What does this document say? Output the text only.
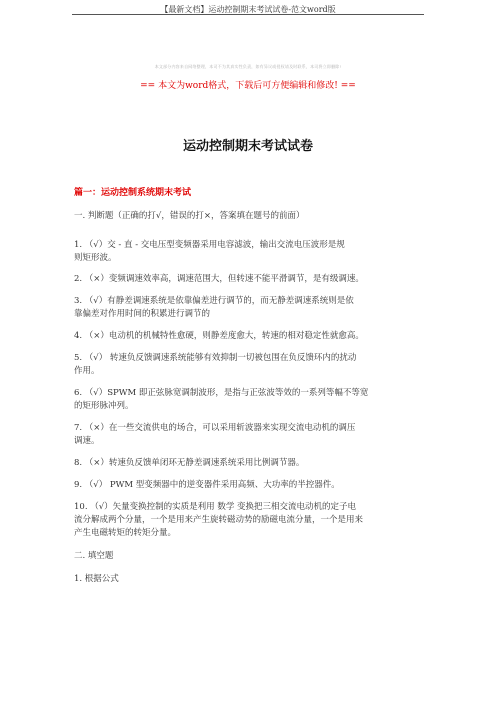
【最新文档】运动控制期末考试试卷-范文word版
本文部分内容来自网络整理，本司不为其真实性负责，如有异议或侵权请及时联系，本司将立即删除!
== 本文为word格式，下载后可方便编辑和修改! ==
运动控制期末考试试卷
篇一：运动控制系统期末考试
一. 判断题（正确的打√，错误的打×，答案填在题号的前面）
1. （√）交 - 直 - 交电压型变频器采用电容滤波，输出交流电压波形是规
则矩形波。
2. （×）变频调速效率高，调速范围大，但转速不能平滑调节，是有级调速。
3. （√）有静差调速系统是依靠偏差进行调节的，而无静差调速系统则是依
靠偏差对作用时间的积累进行调节的
4. （×）电动机的机械特性愈硬，则静差度愈大，转速的相对稳定性就愈高。
5. （√） 转速负反馈调速系统能够有效抑制一切被包围在负反馈环内的扰动
作用。
6. （√）SPWM 即正弦脉宽调制波形，是指与正弦波等效的一系列等幅不等宽
的矩形脉冲列。
7. （×）在一些交流供电的场合，可以采用斩波器来实现交流电动机的调压
调速。
8. （×）转速负反馈单闭环无静差调速系统采用比例调节器。
9. （√） PWM 型变频器中的逆变器件采用高频、大功率的半控器件。
10. （√）矢量变换控制的实质是利用 数学 变换把三相交流电动机的定子电
流分解成两个分量，一个是用来产生旋转磁动势的励磁电流分量，一个是用来
产生电磁转矩的转矩分量。
二. 填空题
1. 根据公式
